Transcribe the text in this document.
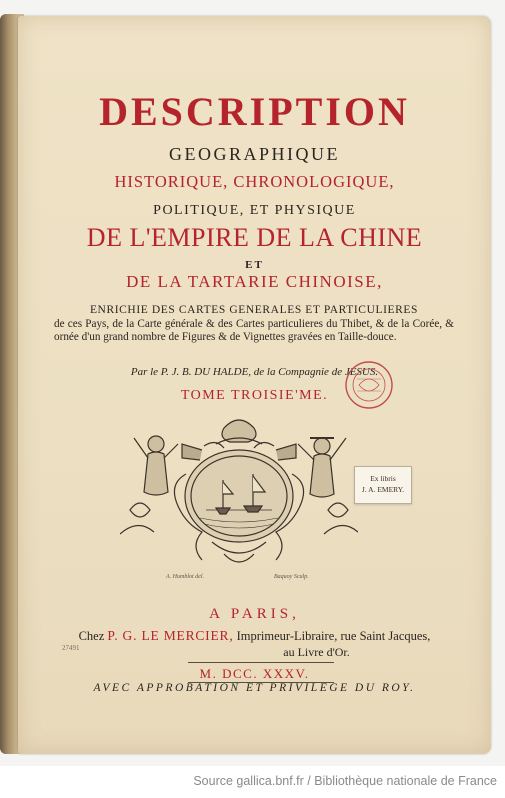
DESCRIPTION
GEOGRAPHIQUE
HISTORIQUE, CHRONOLOGIQUE,
POLITIQUE, ET PHYSIQUE
DE L'EMPIRE DE LA CHINE
ET
DE LA TARTARIE CHINOISE,
ENRICHIE DES CARTES GENERALES ET PARTICULIERES
de ces Pays, de la Carte générale & des Cartes particulieres du Thibet, & de la Corée, & ornée d'un grand nombre de Figures & de Vignettes gravées en Taille-douce.
Par le P. J. B. DU HALDE, de la Compagnie de JESUS.
TOME TROISIE'ME.
A. Humblot del.	Baquoy Sculp.
Ex libris
J. A. EMERY.
27491
A PARIS,
Chez P. G. LE MERCIER, Imprimeur-Libraire, rue Saint Jacques,
au Livre d'Or.
M. DCC. XXXV.
AVEC APPROBATION ET PRIVILEGE DU ROY.
Source gallica.bnf.fr / Bibliothèque nationale de France
